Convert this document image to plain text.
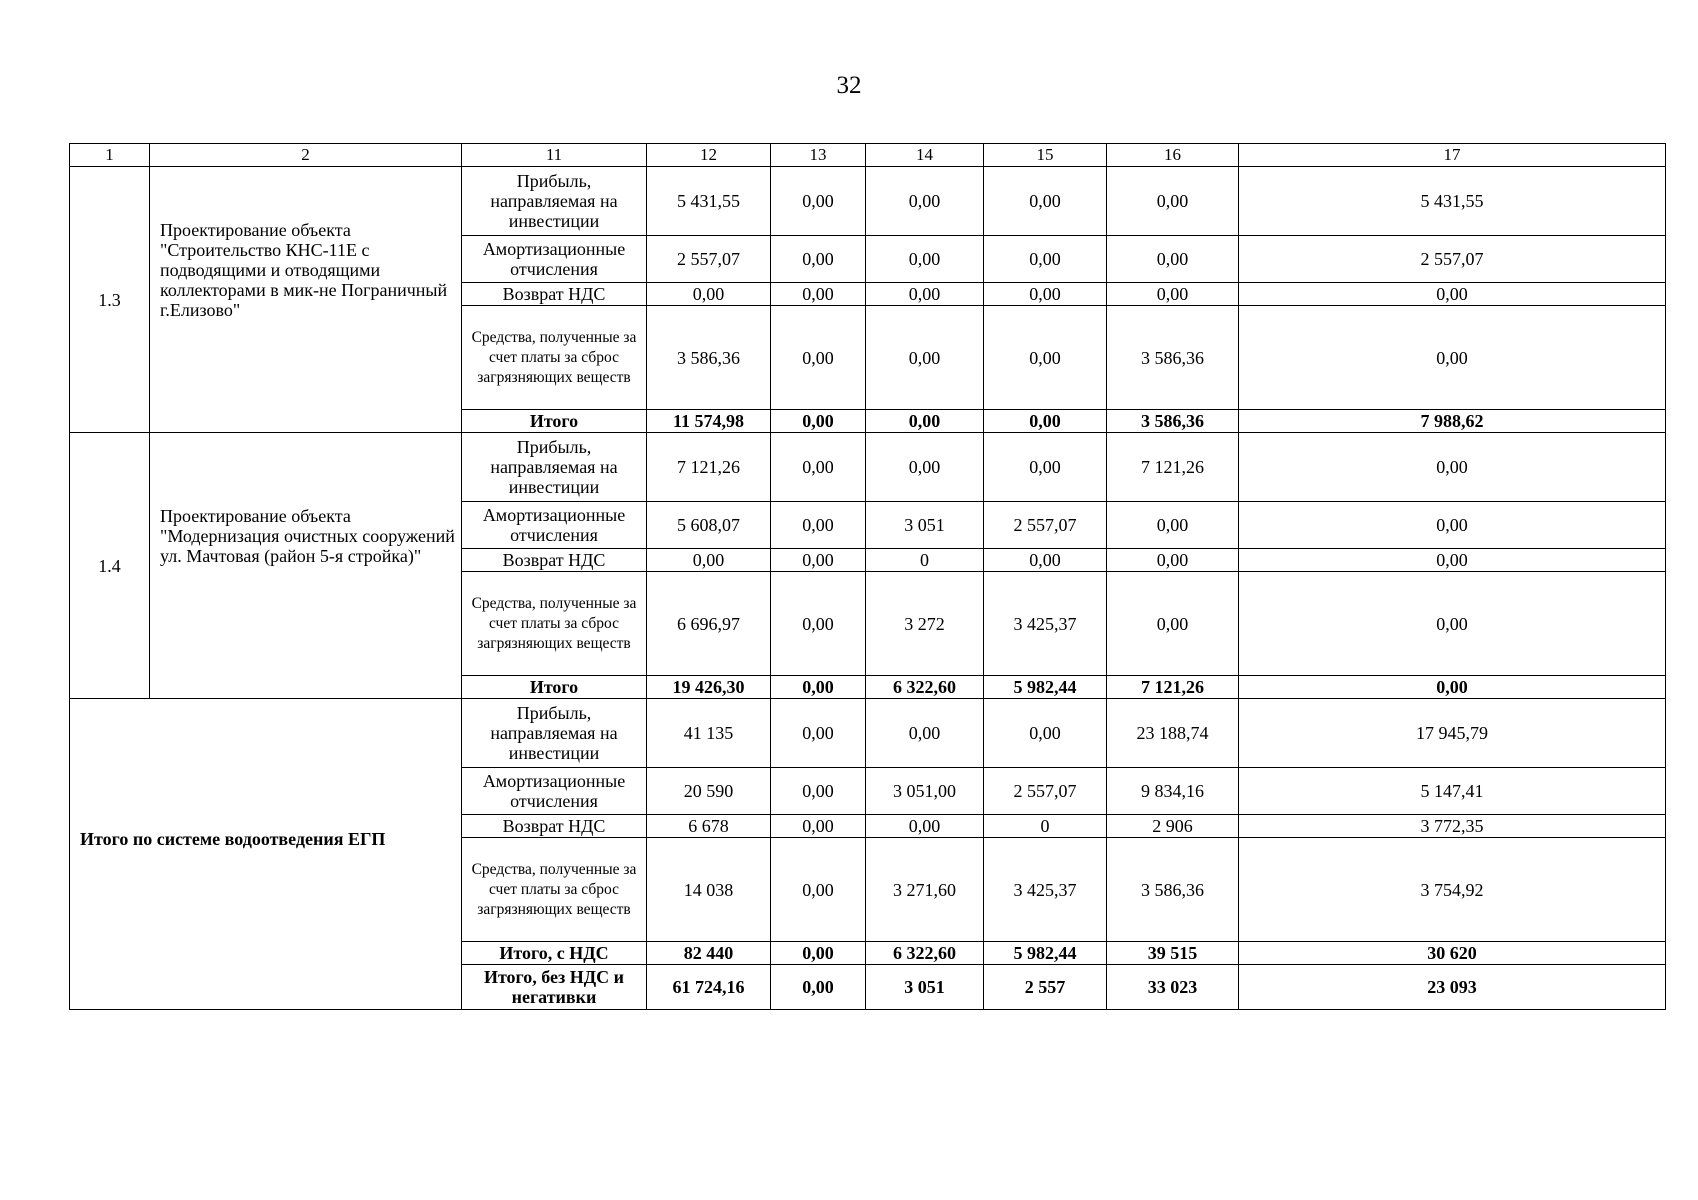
32
1	2	11	12	13	14	15	16	17
1.3	Проектирование объекта "Строительство КНС-11Е с подводящими и отводящими коллекторами в мик-не Пограничный г.Елизово"	Прибыль, направляемая на инвестиции	5 431,55	0,00	0,00	0,00	0,00	5 431,55
		Амортизационные отчисления	2 557,07	0,00	0,00	0,00	0,00	2 557,07
		Возврат НДС	0,00	0,00	0,00	0,00	0,00	0,00
		Средства, полученные за счет платы за сброс загрязняющих веществ	3 586,36	0,00	0,00	0,00	3 586,36	0,00
		Итого	11 574,98	0,00	0,00	0,00	3 586,36	7 988,62
1.4	Проектирование объекта "Модернизация очистных сооружений ул. Мачтовая (район 5-я стройка)"	Прибыль, направляемая на инвестиции	7 121,26	0,00	0,00	0,00	7 121,26	0,00
		Амортизационные отчисления	5 608,07	0,00	3 051	2 557,07	0,00	0,00
		Возврат НДС	0,00	0,00	0	0,00	0,00	0,00
		Средства, полученные за счет платы за сброс загрязняющих веществ	6 696,97	0,00	3 272	3 425,37	0,00	0,00
		Итого	19 426,30	0,00	6 322,60	5 982,44	7 121,26	0,00
Итого по системе водоотведения ЕГП		Прибыль, направляемая на инвестиции	41 135	0,00	0,00	0,00	23 188,74	17 945,79
		Амортизационные отчисления	20 590	0,00	3 051,00	2 557,07	9 834,16	5 147,41
		Возврат НДС	6 678	0,00	0,00	0	2 906	3 772,35
		Средства, полученные за счет платы за сброс загрязняющих веществ	14 038	0,00	3 271,60	3 425,37	3 586,36	3 754,92
		Итого, с НДС	82 440	0,00	6 322,60	5 982,44	39 515	30 620
		Итого, без НДС и негативки	61 724,16	0,00	3 051	2 557	33 023	23 093
